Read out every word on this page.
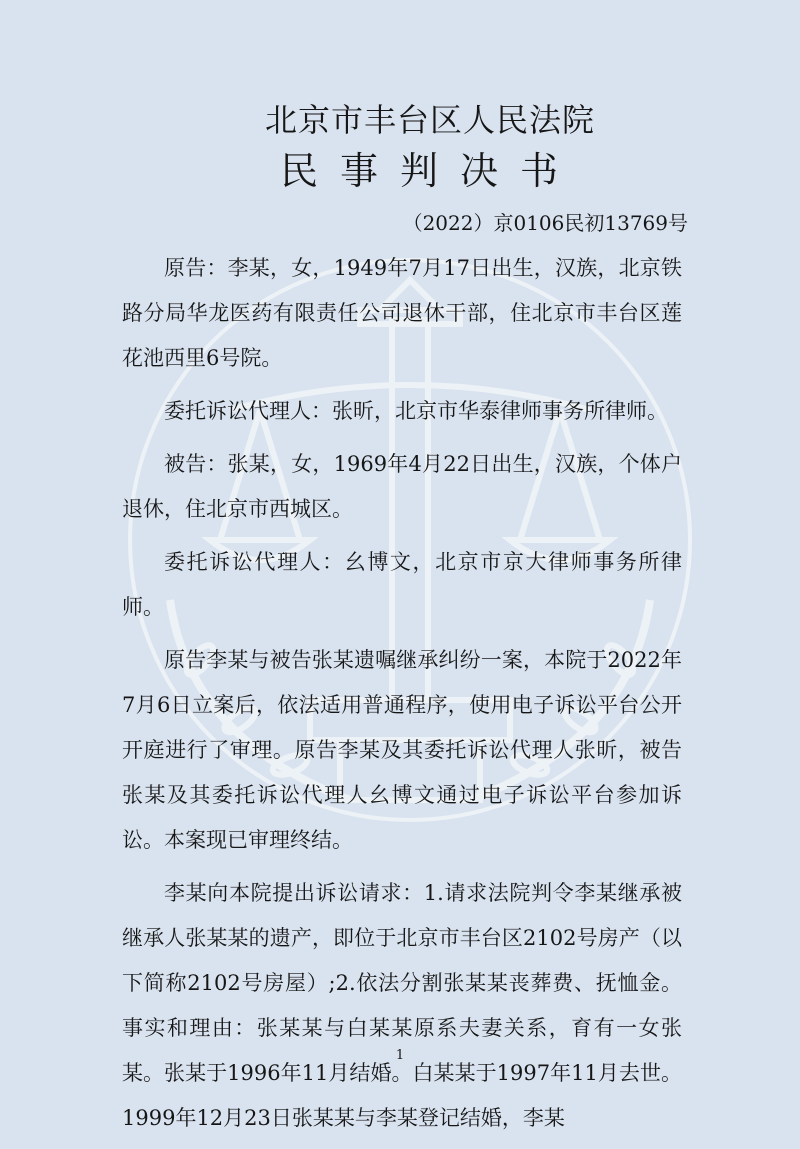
北京市丰台区人民法院
民事判决书
（2022）京0106民初13769号

原告：李某，女，1949年7月17日出生，汉族，北京铁路分局华龙医药有限责任公司退休干部，住北京市丰台区莲花池西里6号院。

委托诉讼代理人：张昕，北京市华泰律师事务所律师。

被告：张某，女，1969年4月22日出生，汉族，个体户退休，住北京市西城区。

委托诉讼代理人：幺博文，北京市京大律师事务所律师。

原告李某与被告张某遗嘱继承纠纷一案，本院于2022年7月6日立案后，依法适用普通程序，使用电子诉讼平台公开开庭进行了审理。原告李某及其委托诉讼代理人张昕，被告张某及其委托诉讼代理人幺博文通过电子诉讼平台参加诉讼。本案现已审理终结。

李某向本院提出诉讼请求：1.请求法院判令李某继承被继承人张某某的遗产，即位于北京市丰台区2102号房产（以下简称2102号房屋）;2.依法分割张某某丧葬费、抚恤金。事实和理由：张某某与白某某原系夫妻关系，育有一女张某。张某于1996年11月结婚。白某某于1997年11月去世。1999年12月23日张某某与李某登记结婚，李某

1
